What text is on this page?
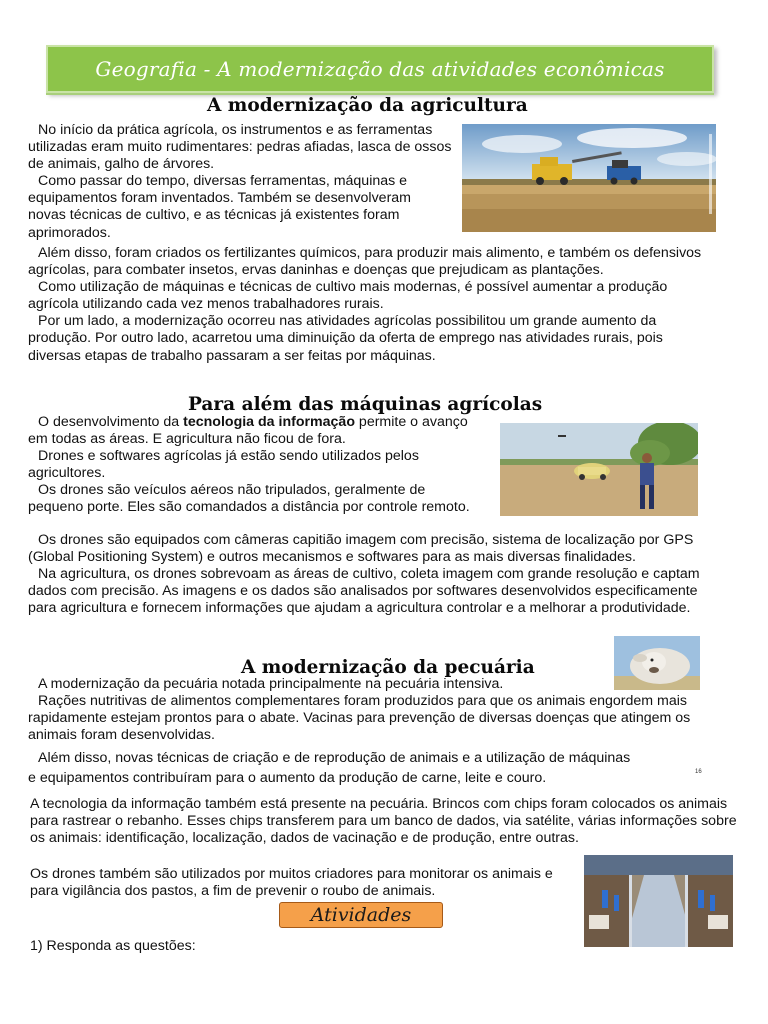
Geografia - A modernização das atividades econômicas
A modernização da agricultura

No início da prática agrícola, os instrumentos e as ferramentas utilizadas eram muito rudimentares: pedras afiadas, lasca de ossos de animais, galho de árvores.

Como passar do tempo, diversas ferramentas, máquinas e equipamentos foram inventados. Também se desenvolveram novas técnicas de cultivo, e as técnicas já existentes foram aprimorados.

Além disso, foram criados os fertilizantes químicos, para produzir mais alimento, e também os defensivos agrícolas, para combater insetos, ervas daninhas e doenças que prejudicam as plantações.

Como utilização de máquinas e técnicas de cultivo mais modernas, é possível aumentar a produção agrícola utilizando cada vez menos trabalhadores rurais.

Por um lado, a modernização ocorreu nas atividades agrícolas possibilitou um grande aumento da produção. Por outro lado, acarretou uma diminuição da oferta de emprego nas atividades rurais, pois diversas etapas de trabalho passaram a ser feitas por máquinas.

Para além das máquinas agrícolas

O desenvolvimento da tecnologia da informação permite o avanço em todas as áreas. E agricultura não ficou de fora.

Drones e softwares agrícolas já estão sendo utilizados pelos agricultores.

Os drones são veículos aéreos não tripulados, geralmente de pequeno porte. Eles são comandados a distância por controle remoto.

Os drones são equipados com câmeras capitião imagem com precisão, sistema de localização por GPS (Global Positioning System) e outros mecanismos e softwares para as mais diversas finalidades.

Na agricultura, os drones sobrevoam as áreas de cultivo, coleta imagem com grande resolução e captam dados com precisão. As imagens e os dados são analisados por softwares desenvolvidos especificamente para agricultura e fornecem informações que ajudam a agricultura controlar e a melhorar a produtividade.

A modernização da pecuária

A modernização da pecuária notada principalmente na pecuária intensiva.

Rações nutritivas de alimentos complementares foram produzidos para que os animais engordem mais rapidamente estejam prontos para o abate. Vacinas para prevenção de diversas doenças que atingem os animais foram desenvolvidas.

Além disso, novas técnicas de criação e de reprodução de animais e a utilização de máquinas

e equipamentos contribuíram para o aumento da produção de carne, leite e couro.	16

A tecnologia da informação também está presente na pecuária. Brincos com chips foram colocados os animais para rastrear o rebanho. Esses chips transferem para um banco de dados, via satélite, várias informações sobre os animais: identificação, localização, dados de vacinação e de produção, entre outras.

Os drones também são utilizados por muitos criadores para monitorar os animais e para vigilância dos pastos, a fim de prevenir o roubo de animais.

Atividades
1) Responda as questões:
